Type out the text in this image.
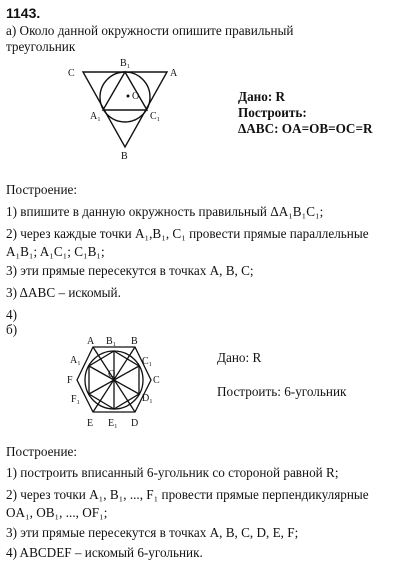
1143.
а) Около данной окружности опишите правильный
треугольник
C	A
B₁
O
A₁	C₁
B
Дано: R
Построить:
ΔABC: OA=OB=OC=R
Построение:
1) впишите в данную окружность правильный ΔA₁B₁C₁;
2) через каждые точки A₁,B₁, C₁ провести прямые параллельные
A₁B₁; A₁C₁; C₁B₁;
3) эти прямые пересекутся в точках A, B, C;
3) ΔABC – искомый.
4)
б)
A B₁ B
A₁	C₁
F
O
C
F₁	D₁
E E₁ D
Дано: R
Построить: 6-угольник
Построение:
1) построить вписанный 6-угольник со стороной равной R;
2) через точки A₁, B₁, ..., F₁ провести прямые перпендикулярные
OA₁, OB₁, ..., OF₁;
3) эти прямые пересекутся в точках A, B, C, D, E, F;
4) ABCDEF – искомый 6-угольник.
